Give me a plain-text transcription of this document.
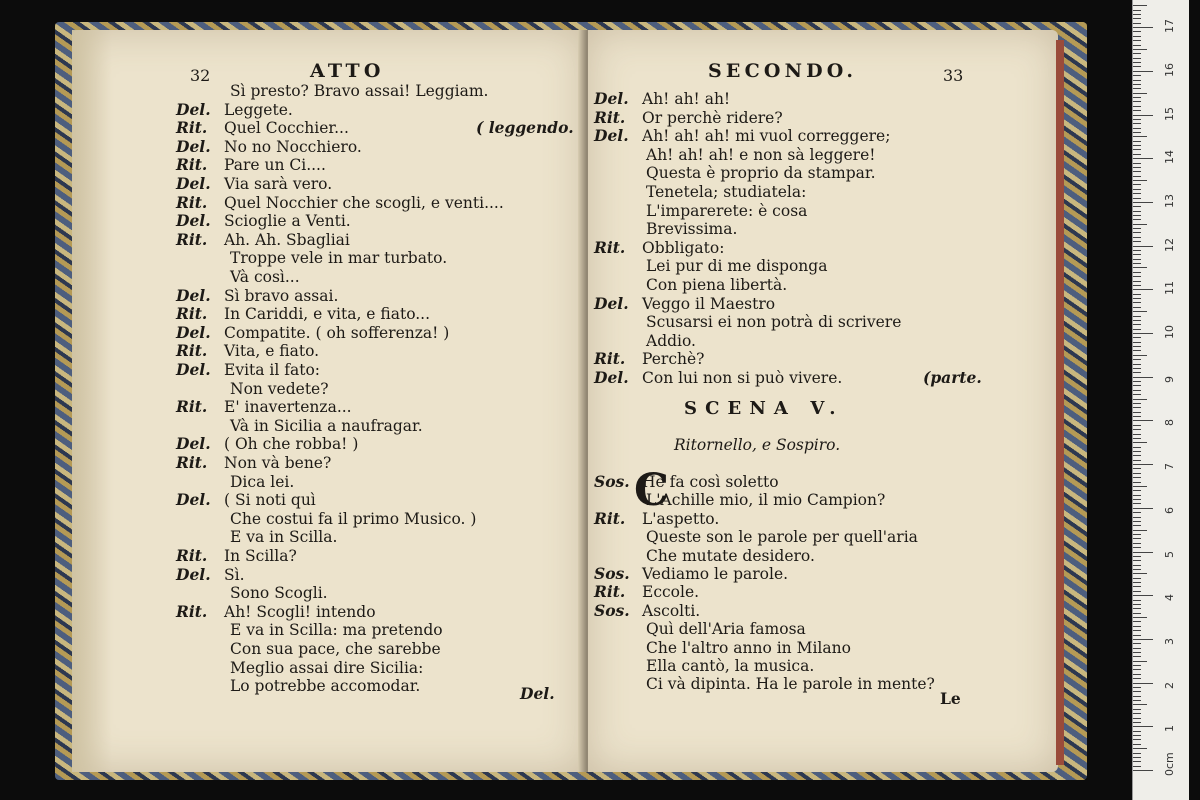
32	ATTO
Sì presto? Bravo assai! Leggiam.
Del. Leggete.
Rit. Quel Cocchier...	( leggendo.
Del. No no Nocchiero.
Rit. Pare un Ci....
Del. Via sarà vero.
Rit. Quel Nocchier che scogli, e venti....
Del. Scioglie a Venti.
Rit. Ah. Ah. Sbagliai
Troppe vele in mar turbato.
Và così...
Del. Sì bravo assai.
Rit. In Cariddi, e vita, e fiato...
Del. Compatite. ( oh sofferenza! )
Rit. Vita, e fiato.
Del. Evita il fato:
Non vedete?
Rit. E' inavertenza...
Và in Sicilia a naufragar.
Del. ( Oh che robba! )
Rit. Non và bene?
Dica lei.
Del. ( Si noti quì
Che costui fa il primo Musico. )
E va in Scilla.
Rit. In Scilla?
Del. Sì.
Sono Scogli.
Rit. Ah! Scogli! intendo
E va in Scilla: ma pretendo
Con sua pace, che sarebbe
Meglio assai dire Sicilia:
Lo potrebbe accomodar.	Del.
SECONDO.	33
Del. Ah! ah! ah!
Rit. Or perchè ridere?
Del. Ah! ah! ah! mi vuol correggere;
Ah! ah! ah! e non sà leggere!
Questa è proprio da stampar.
Tenetela; studiatela:
L'imparerete: è cosa
Brevissima.
Rit. Obbligato:
Lei pur di me disponga
Con piena libertà.
Del. Veggo il Maestro
Scusarsi ei non potrà di scrivere
Addio.
Rit. Perchè?
Del. Con lui non si può vivere.	(parte.
SCENA V.
Ritornello, e Sospiro.
C
Sos. He fa così soletto
L'Achille mio, il mio Campion?
Rit. L'aspetto.
Queste son le parole per quell'aria
Che mutate desidero.
Sos. Vediamo le parole.
Rit. Eccole.
Sos. Ascolti.
Quì dell'Aria famosa
Che l'altro anno in Milano
Ella cantò, la musica.
Ci và dipinta. Ha le parole in mente?
Le
0cm
1
2
3
4
5
6
7
8
9
10
11
12
13
14
15
16
17
